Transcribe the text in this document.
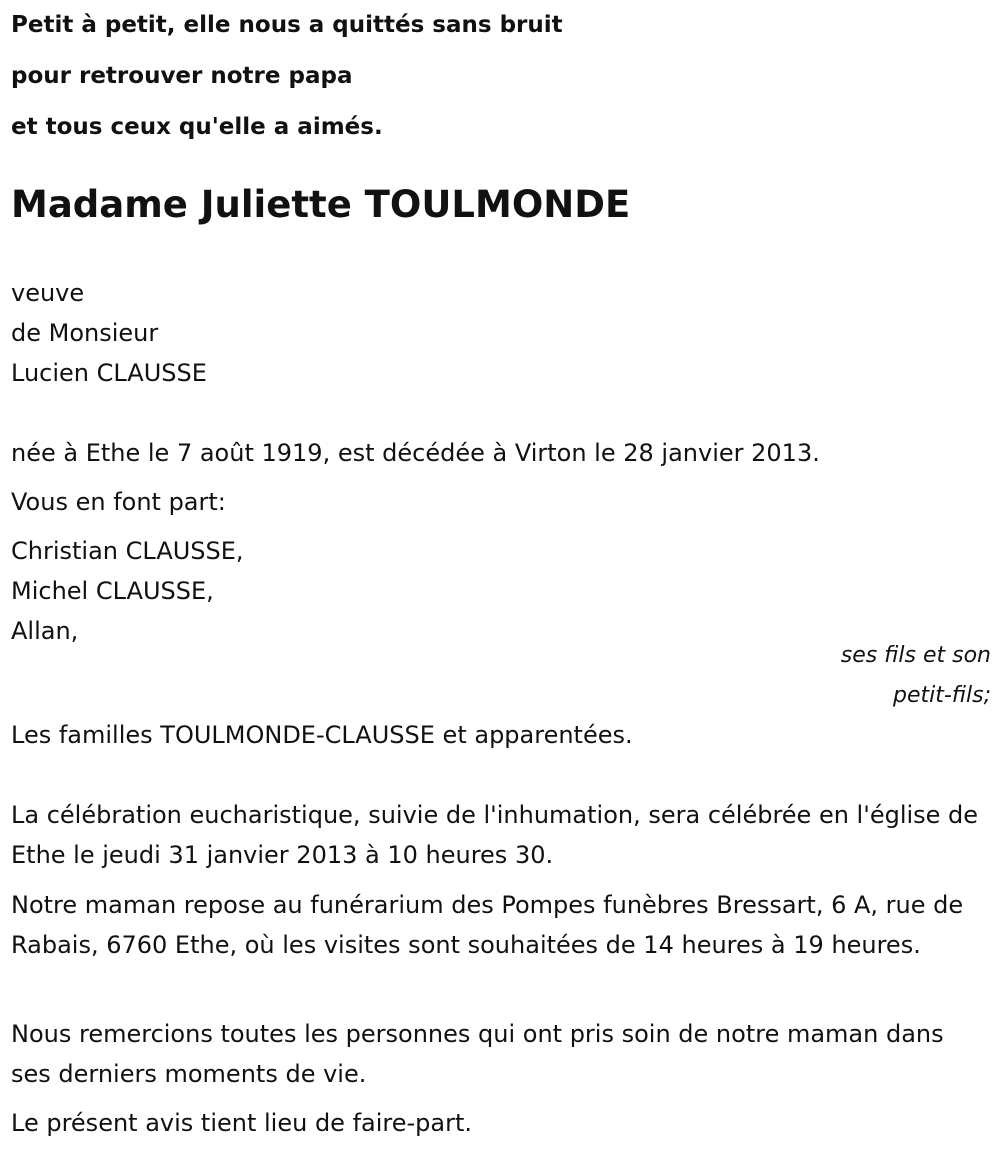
Petit à petit, elle nous a quittés sans bruit

pour retrouver notre papa

et tous ceux qu'elle a aimés.

Madame Juliette TOULMONDE

veuve

de Monsieur

Lucien CLAUSSE

née à Ethe le 7 août 1919, est décédée à Virton le 28 janvier 2013.

Vous en font part:

Christian CLAUSSE,

Michel CLAUSSE,

Allan,

ses fils et son
petit-fils;

Les familles TOULMONDE-CLAUSSE et apparentées.

La célébration eucharistique, suivie de l'inhumation, sera célébrée en l'église de Ethe le jeudi 31 janvier 2013 à 10 heures 30.

Notre maman repose au funérarium des Pompes funèbres Bressart, 6 A, rue de Rabais, 6760 Ethe, où les visites sont souhaitées de 14 heures à 19 heures.

Nous remercions toutes les personnes qui ont pris soin de notre maman dans ses derniers moments de vie.

Le présent avis tient lieu de faire-part.
